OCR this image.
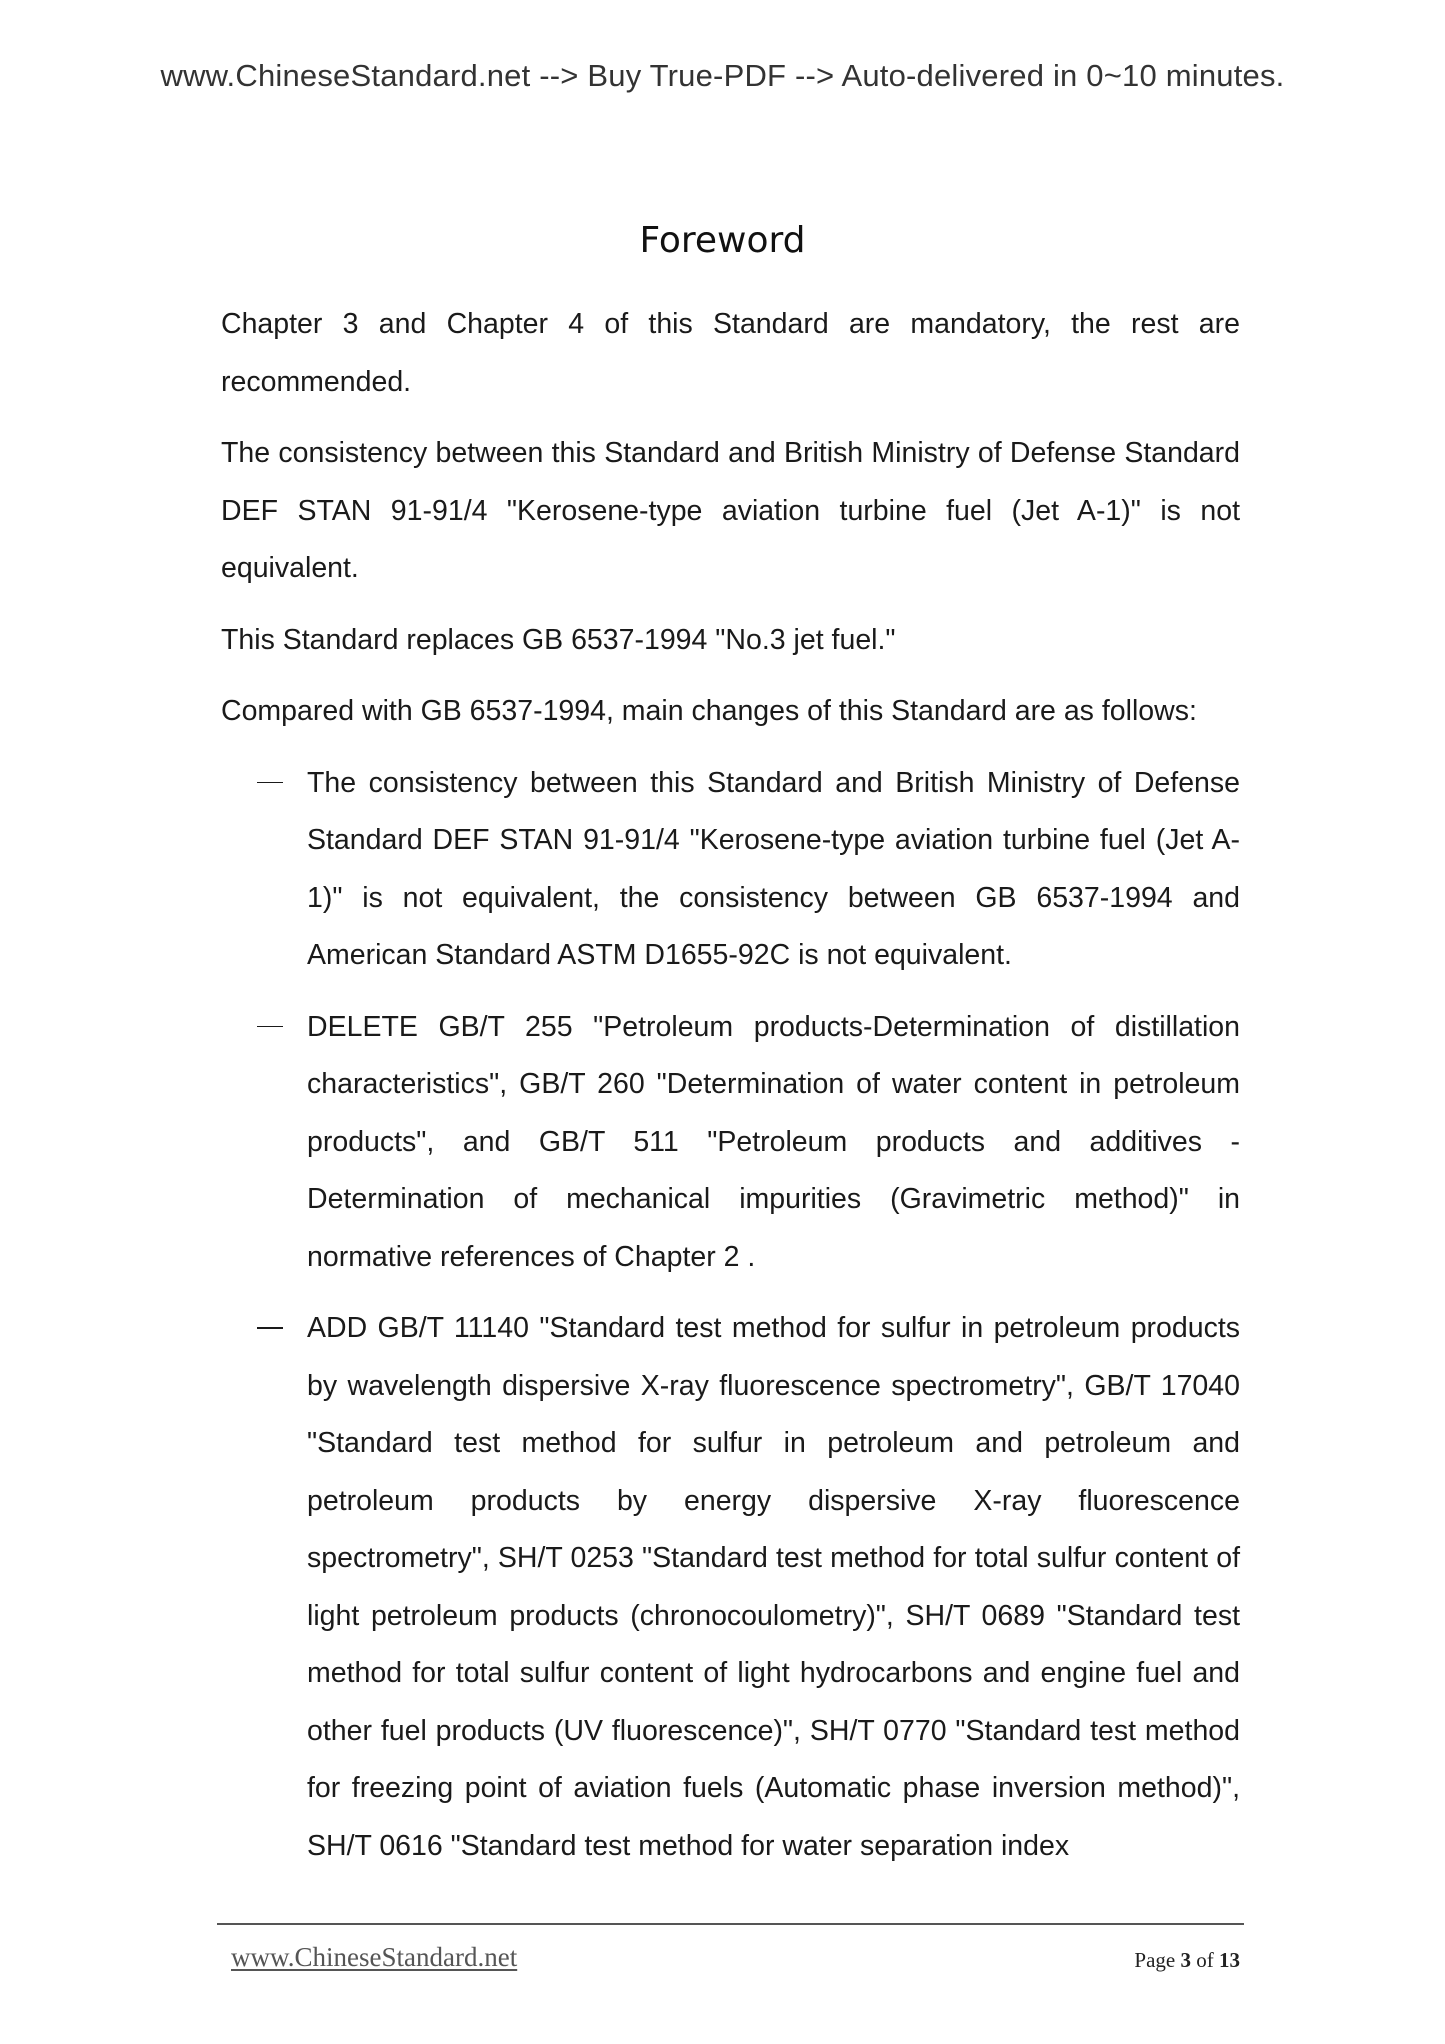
www.ChineseStandard.net --> Buy True-PDF --> Auto-delivered in 0~10 minutes.
Foreword

Chapter 3 and Chapter 4 of this Standard are mandatory, the rest are recommended.

The consistency between this Standard and British Ministry of Defense Standard DEF STAN 91-91/4 "Kerosene-type aviation turbine fuel (Jet A-1)" is not equivalent.

This Standard replaces GB 6537-1994 "No.3 jet fuel."

Compared with GB 6537-1994, main changes of this Standard are as follows:

The consistency between this Standard and British Ministry of Defense Standard DEF STAN 91-91/4 "Kerosene-type aviation turbine fuel (Jet A-1)" is not equivalent, the consistency between GB 6537-1994 and American Standard ASTM D1655-92C is not equivalent.
DELETE GB/T 255 "Petroleum products-Determination of distillation characteristics", GB/T 260 "Determination of water content in petroleum products", and GB/T 511 "Petroleum products and additives - Determination of mechanical impurities (Gravimetric method)" in normative references of Chapter 2 .
ADD GB/T 11140 "Standard test method for sulfur in petroleum products by wavelength dispersive X-ray fluorescence spectrometry", GB/T 17040 "Standard test method for sulfur in petroleum and petroleum and petroleum products by energy dispersive X-ray fluorescence spectrometry", SH/T 0253 "Standard test method for total sulfur content of light petroleum products (chronocoulometry)", SH/T 0689 "Standard test method for total sulfur content of light hydrocarbons and engine fuel and other fuel products (UV fluorescence)", SH/T 0770 "Standard test method for freezing point of aviation fuels (Automatic phase inversion method)", SH/T 0616 "Standard test method for water separation index
www.ChineseStandard.net	Page 3 of 13
